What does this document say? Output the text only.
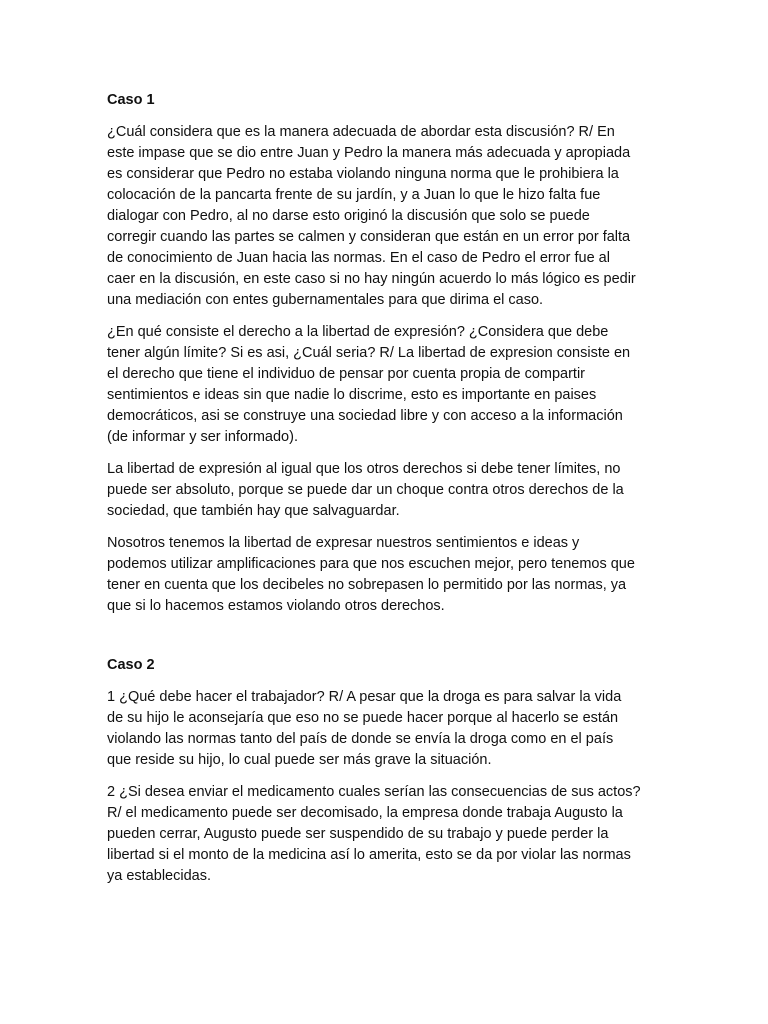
Caso 1

¿Cuál considera que es la manera adecuada de abordar esta discusión? R/ En
este impase que se dio entre Juan y Pedro la manera más adecuada y apropiada
es considerar que Pedro no estaba violando ninguna norma que le prohibiera la
colocación de la pancarta frente de su jardín, y a Juan lo que le hizo falta fue
dialogar con Pedro, al no darse esto originó la discusión que solo se puede
corregir cuando las partes se calmen y consideran que están en un error por falta
de conocimiento de Juan hacia las normas. En el caso de Pedro el error fue al
caer en la discusión, en este caso si no hay ningún acuerdo lo más lógico es pedir
una mediación con entes gubernamentales para que dirima el caso.

¿En qué consiste el derecho a la libertad de expresión? ¿Considera que debe
tener algún límite? Si es asi, ¿Cuál seria? R/ La libertad de expresion consiste en
el derecho que tiene el individuo de pensar por cuenta propia de compartir
sentimientos e ideas sin que nadie lo discrime, esto es importante en paises
democráticos, asi se construye una sociedad libre y con acceso a la información
(de informar y ser informado).

La libertad de expresión al igual que los otros derechos si debe tener límites, no
puede ser absoluto, porque se puede dar un choque contra otros derechos de la
sociedad, que también hay que salvaguardar.

Nosotros tenemos la libertad de expresar nuestros sentimientos e ideas y
podemos utilizar amplificaciones para que nos escuchen mejor, pero tenemos que
tener en cuenta que los decibeles no sobrepasen lo permitido por las normas, ya
que si lo hacemos estamos violando otros derechos.

Caso 2

1 ¿Qué debe hacer el trabajador? R/ A pesar que la droga es para salvar la vida
de su hijo le aconsejaría que eso no se puede hacer porque al hacerlo se están
violando las normas tanto del país de donde se envía la droga como en el país
que reside su hijo, lo cual puede ser más grave la situación.

2 ¿Si desea enviar el medicamento cuales serían las consecuencias de sus actos?
R/ el medicamento puede ser decomisado, la empresa donde trabaja Augusto la
pueden cerrar, Augusto puede ser suspendido de su trabajo y puede perder la
libertad si el monto de la medicina así lo amerita, esto se da por violar las normas
ya establecidas.
